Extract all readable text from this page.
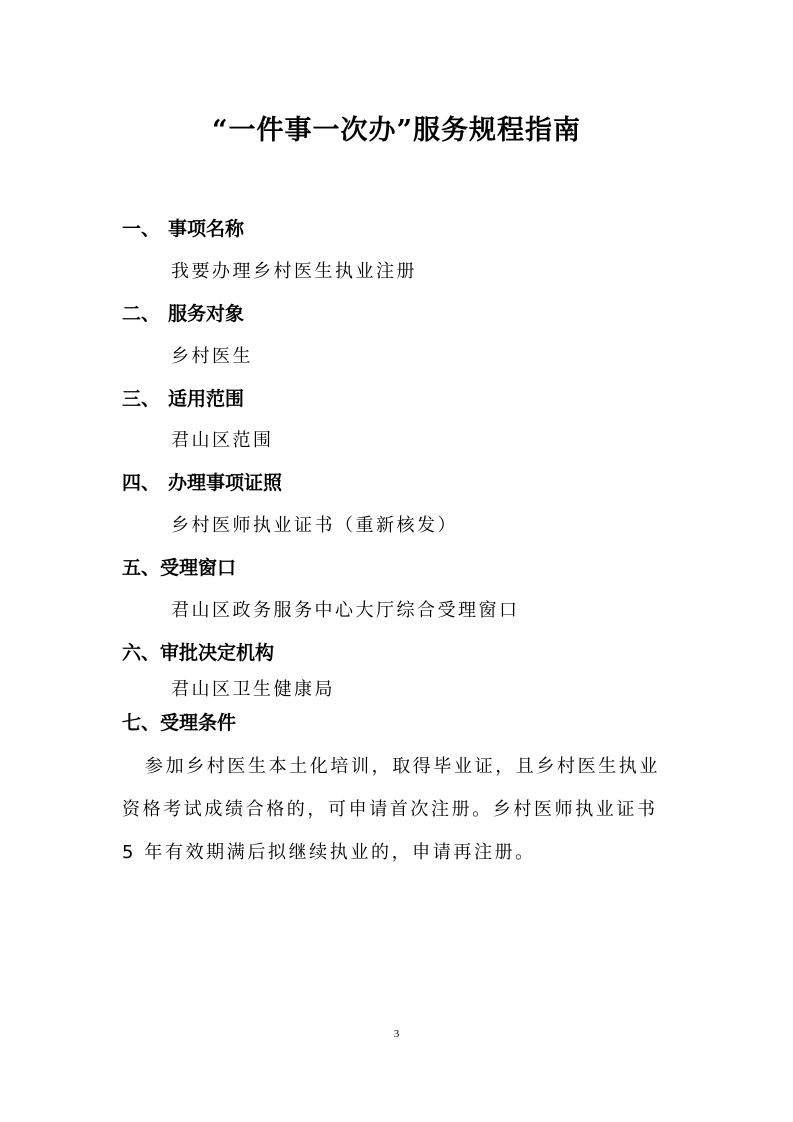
“一件事一次办”服务规程指南
一、 事项名称

我要办理乡村医生执业注册

二、 服务对象

乡村医生

三、 适用范围

君山区范围

四、 办理事项证照

乡村医师执业证书（重新核发）

五、受理窗口

君山区政务服务中心大厅综合受理窗口

六、审批决定机构

君山区卫生健康局

七、受理条件

参加乡村医生本土化培训，取得毕业证，且乡村医生执业

资格考试成绩合格的，可申请首次注册。乡村医师执业证书

5 年有效期满后拟继续执业的，申请再注册。

3
